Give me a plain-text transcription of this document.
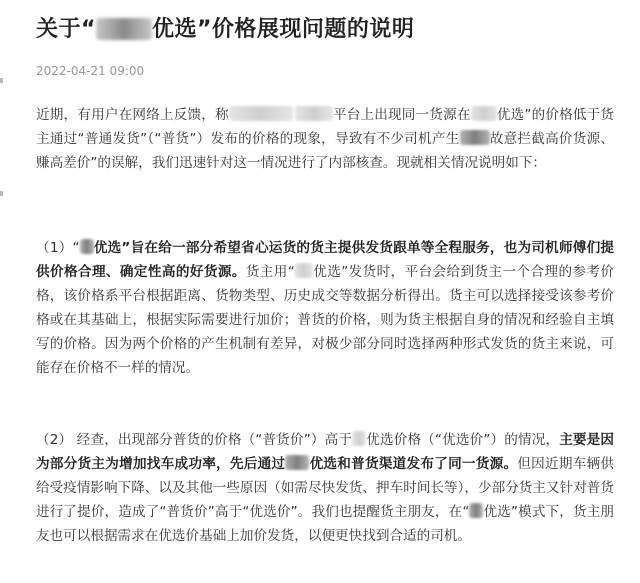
关于“	优选”价格展现问题的说明
2022-04-21 09:00

近期，有用户在网络上反馈，称	平台上出现同一货源在 优选”的价格低于货主通过“普通发货”（“普货”）发布的价格的现象，导致有不少司机产生 故意拦截高价货源、赚高差价”的误解，我们迅速针对这一情况进行了内部核查。现就相关情况说明如下：

（1）“ 优选”旨在给一部分希望省心运货的货主提供发货跟单等全程服务，也为司机师傅们提供价格合理、确定性高的好货源。货主用“ 优选”发货时，平台会给到货主一个合理的参考价格，该价格系平台根据距离、货物类型、历史成交等数据分析得出。货主可以选择接受该参考价格或在其基础上，根据实际需要进行加价；普货的价格，则为货主根据自身的情况和经验自主填写的价格。因为两个价格的产生机制有差异，对极少部分同时选择两种形式发货的货主来说，可能存在价格不一样的情况。

（2） 经查，出现部分普货的价格（“普货价”）高于 优选价格（“优选价”）的情况，主要是因为部分货主为增加找车成功率，先后通过 优选和普货渠道发布了同一货源。但因近期车辆供给受疫情影响下降、以及其他一些原因（如需尽快发货、押车时间长等），少部分货主又针对普货进行了提价，造成了“普货价”高于“优选价”。我们也提醒货主朋友，在“ 优选”模式下，货主朋友也可以根据需求在优选价基础上加价发货，以便更快找到合适的司机。
